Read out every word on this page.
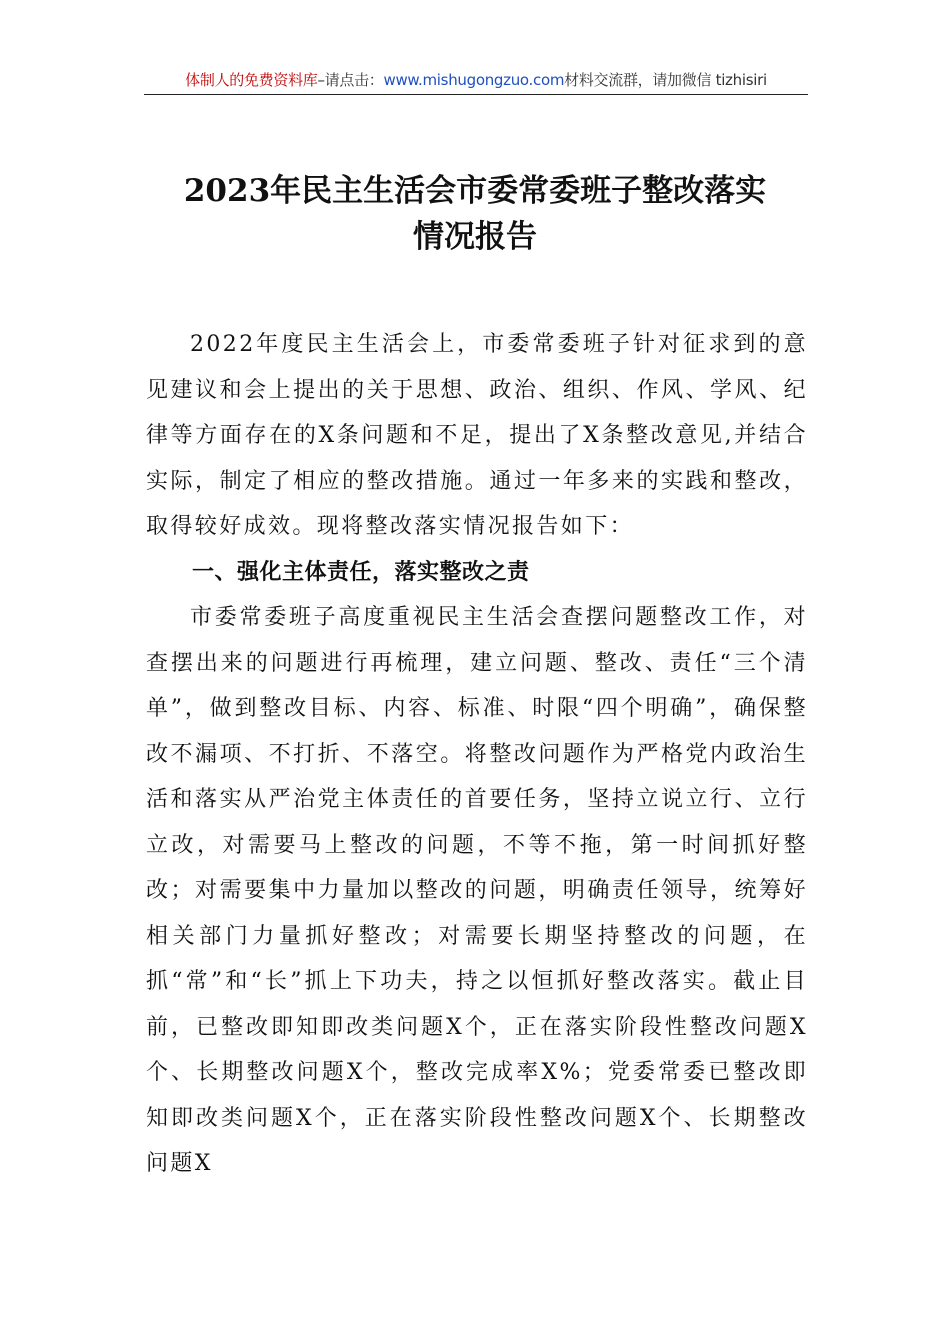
体制人的免费资料库–请点击：www.mishugongzuo.com材料交流群，请加微信 tizhisiri
2023年民主生活会市委常委班子整改落实
情况报告

2022年度民主生活会上，市委常委班子针对征求到的意见建议和会上提出的关于思想、政治、组织、作风、学风、纪律等方面存在的X条问题和不足，提出了X条整改意见,并结合实际，制定了相应的整改措施。通过一年多来的实践和整改，取得较好成效。现将整改落实情况报告如下：

一、强化主体责任，落实整改之责

市委常委班子高度重视民主生活会查摆问题整改工作，对查摆出来的问题进行再梳理，建立问题、整改、责任“三个清单”，做到整改目标、内容、标准、时限“四个明确”，确保整改不漏项、不打折、不落空。将整改问题作为严格党内政治生活和落实从严治党主体责任的首要任务，坚持立说立行、立行立改，对需要马上整改的问题，不等不拖，第一时间抓好整改；对需要集中力量加以整改的问题，明确责任领导，统筹好相关部门力量抓好整改；对需要长期坚持整改的问题，在抓“常”和“长”抓上下功夫，持之以恒抓好整改落实。截止目前，已整改即知即改类问题X个，正在落实阶段性整改问题X个、长期整改问题X个，整改完成率X%；党委常委已整改即知即改类问题X个，正在落实阶段性整改问题X个、长期整改问题X
